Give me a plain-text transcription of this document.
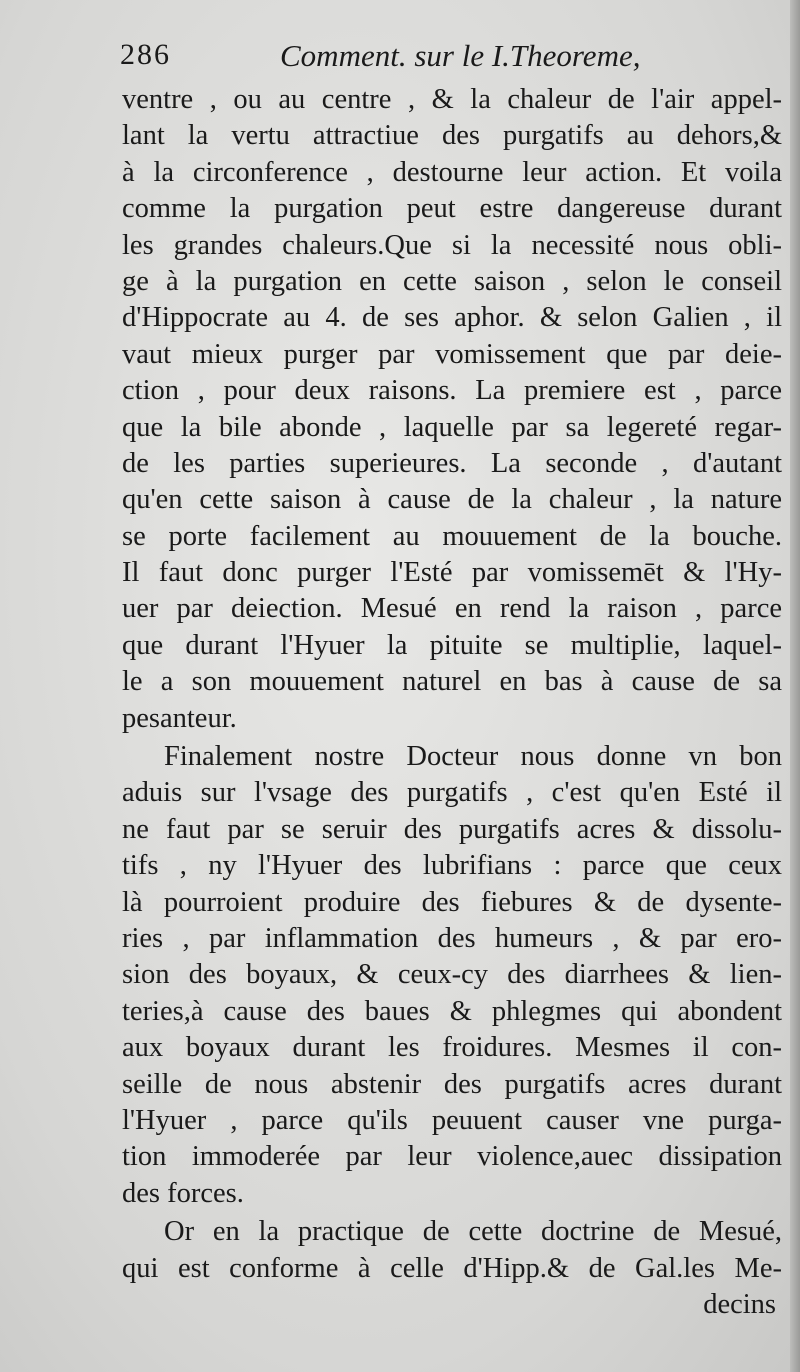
286	Comment. sur le I.Theoreme,
ventre , ou au centre , & la chaleur de l'air appel-
lant la vertu attractiue des purgatifs au dehors,&
à la circonference , destourne leur action. Et voila
comme la purgation peut estre dangereuse durant
les grandes chaleurs.Que si la necessité nous obli-
ge à la purgation en cette saison , selon le conseil
d'Hippocrate au 4. de ses aphor. & selon Galien , il
vaut mieux purger par vomissement que par deie-
ction , pour deux raisons. La premiere est , parce
que la bile abonde , laquelle par sa legereté regar-
de les parties superieures. La seconde , d'autant
qu'en cette saison à cause de la chaleur , la nature
se porte facilement au mouuement de la bouche.
Il faut donc purger l'Esté par vomissemēt & l'Hy-
uer par deiection. Mesué en rend la raison , parce
que durant l'Hyuer la pituite se multiplie, laquel-
le a son mouuement naturel en bas à cause de sa
pesanteur.
Finalement nostre Docteur nous donne vn bon
aduis sur l'vsage des purgatifs , c'est qu'en Esté il
ne faut par se seruir des purgatifs acres & dissolu-
tifs , ny l'Hyuer des lubrifians : parce que ceux
là pourroient produire des fiebures & de dysente-
ries , par inflammation des humeurs , & par ero-
sion des boyaux, & ceux-cy des diarrhees & lien-
teries,à cause des baues & phlegmes qui abondent
aux boyaux durant les froidures. Mesmes il con-
seille de nous abstenir des purgatifs acres durant
l'Hyuer , parce qu'ils peuuent causer vne purga-
tion immoderée par leur violence,auec dissipation
des forces.
Or en la practique de cette doctrine de Mesué,
qui est conforme à celle d'Hipp.& de Gal.les Me-
decins
